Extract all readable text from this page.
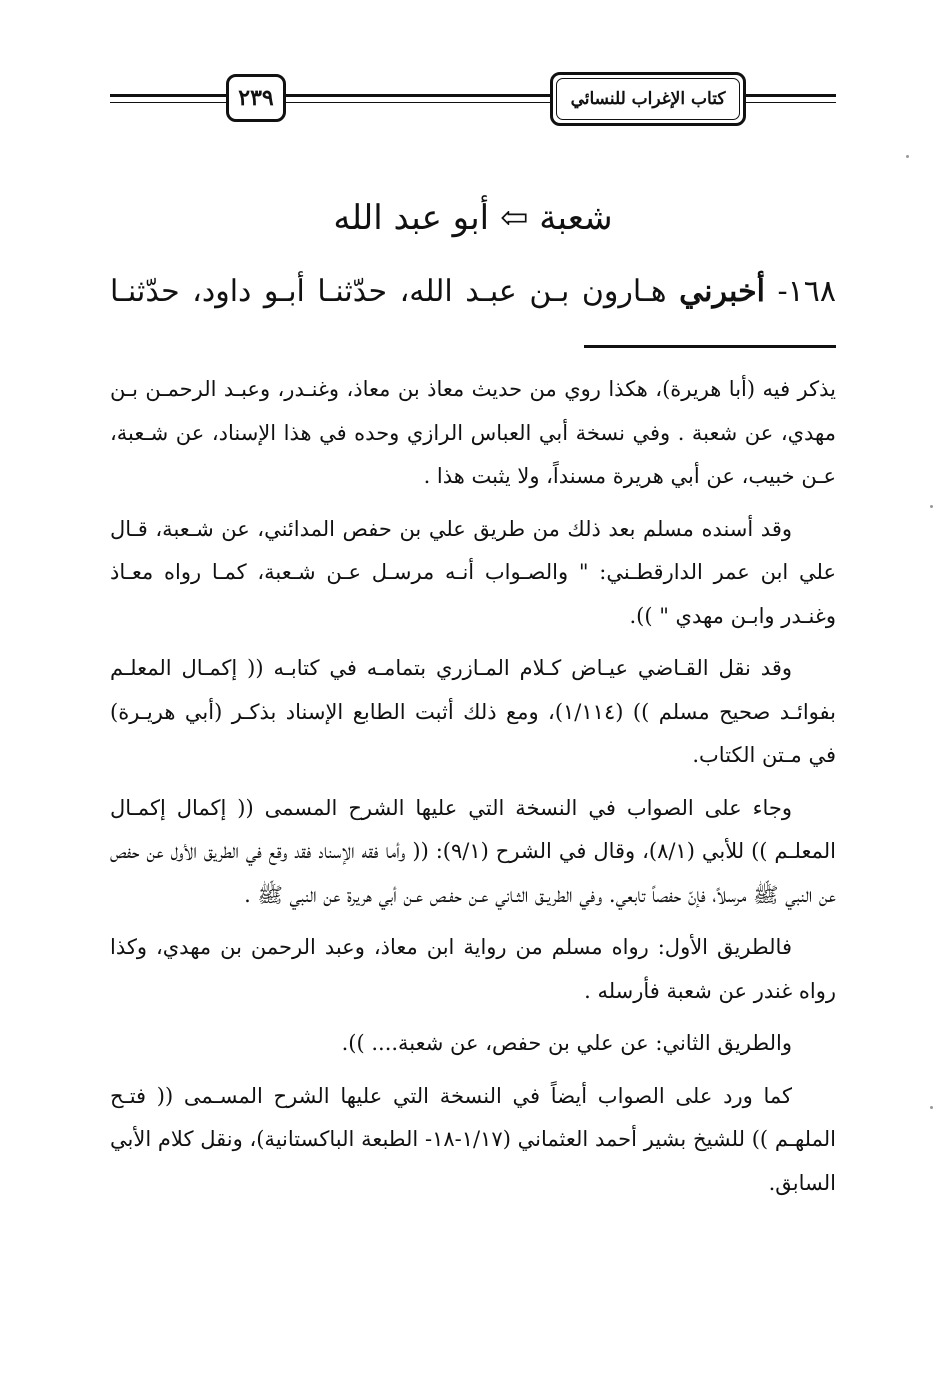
٢٣٩	كتاب الإغراب للنسائي
شعبة ⇦ أبو عبد الله
١٦٨- أخبرني هـارون بـن عبـد الله، حدّثنـا أبـو داود، حدّثنـا

يذكر فيه (أبا هريرة)، هكذا روي من حديث معاذ بن معاذ، وغنـدر، وعبـد الرحمـن بـن مهدي، عن شعبة . وفي نسخة أبي العباس الرازي وحده في هذا الإسناد، عن شـعبة، عـن خبيب، عن أبي هريرة مسنداً، ولا يثبت هذا .

وقد أسنده مسلم بعد ذلك من طريق علي بن حفص المدائني، عن شـعبة، قـال علي ابن عمر الدارقطـني: " والصـواب أنـه مرسـل عـن شـعبة، كمـا رواه معـاذ وغنـدر وابـن مهدي " )).

وقد نقل القـاضي عيـاض كـلام المـازري بتمامـه في كتابـه (( إكمـال المعلـم بفوائـد صحيح مسلم )) (١/١١٤)، ومع ذلك أثبت الطابع الإسناد بذكـر (أبي هريـرة) في مـتن الكتاب.

وجاء على الصواب في النسخة التي عليها الشرح المسمى (( إكمال إكمـال المعلـم )) للأبي (٨/١)، وقال في الشرح (٩/١): (( وأما فقه الإسناد فقد وقع في الطريق الأول عن حفص عن النبي ﷺ مرسلاً، فإنّ حفصاً تابعي. وفي الطريـق الثـاني عـن حفـص عـن أبي هريرة عن النبي ﷺ .

فالطريق الأول: رواه مسلم من رواية ابن معاذ، وعبد الرحمن بن مهدي، وكذا رواه غندر عن شعبة فأرسله .

والطريق الثاني: عن علي بن حفص، عن شعبة.... )).

كما ورد على الصواب أيضاً في النسخة التي عليها الشرح المسـمى (( فتـح الملهـم )) للشيخ بشير أحمد العثماني (١/١٧-١٨- الطبعة الباكستانية)، ونقل كلام الأبي السابق.
